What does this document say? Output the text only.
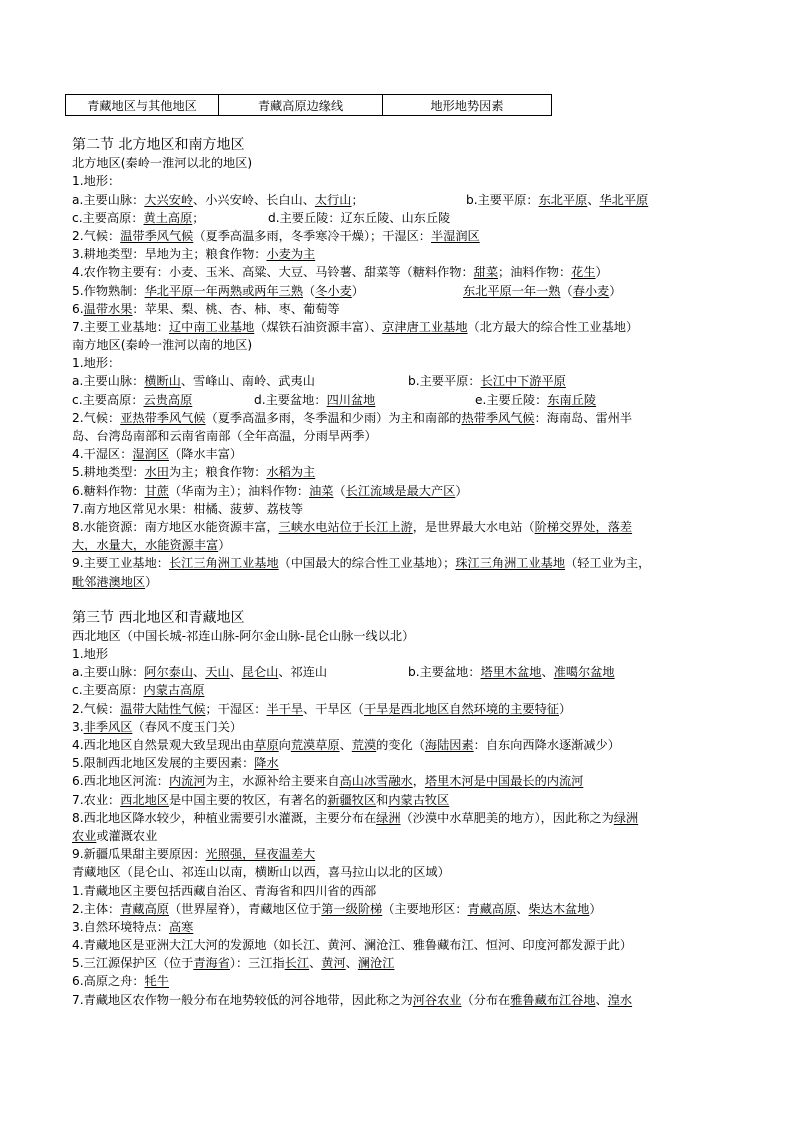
青藏地区与其他地区	青藏高原边缘线	地形地势因素
第二节 北方地区和南方地区
北方地区(秦岭一淮河以北的地区)
1.地形：
a.主要山脉：大兴安岭、小兴安岭、长白山、太行山；	b.主要平原：东北平原、华北平原
c.主要高原：黄土高原；	d.主要丘陵：辽东丘陵、山东丘陵
2.气候：温带季风气候（夏季高温多雨，冬季寒冷干燥）；干湿区：半湿润区
3.耕地类型：旱地为主；粮食作物：小麦为主
4.农作物主要有：小麦、玉米、高粱、大豆、马铃薯、甜菜等（糖料作物：甜菜；油料作物：花生）
5.作物熟制：华北平原一年两熟或两年三熟（冬小麦）	东北平原一年一熟（春小麦）
6.温带水果：苹果、梨、桃、杏、柿、枣、葡萄等
7.主要工业基地：辽中南工业基地（煤铁石油资源丰富）、京津唐工业基地（北方最大的综合性工业基地）
南方地区(秦岭一淮河以南的地区)
1.地形：
a.主要山脉：横断山、雪峰山、南岭、武夷山	b.主要平原：长江中下游平原
c.主要高原：云贵高原	d.主要盆地：四川盆地	e.主要丘陵：东南丘陵
2.气候：亚热带季风气候（夏季高温多雨，冬季温和少雨）为主和南部的热带季风气候：海南岛、雷州半
岛、台湾岛南部和云南省南部（全年高温，分雨旱两季）
4.干湿区：湿润区（降水丰富）
5.耕地类型：水田为主；粮食作物：水稻为主
6.糖料作物：甘蔗（华南为主）；油料作物：油菜（长江流域是最大产区）
7.南方地区常见水果：柑橘、菠萝、荔枝等
8.水能资源：南方地区水能资源丰富，三峡水电站位于长江上游，是世界最大水电站（阶梯交界处，落差
大，水量大，水能资源丰富）
9.主要工业基地：长江三角洲工业基地（中国最大的综合性工业基地）；珠江三角洲工业基地（轻工业为主，
毗邻港澳地区）
第三节 西北地区和青藏地区
西北地区（中国长城-祁连山脉-阿尔金山脉-昆仑山脉一线以北）
1.地形
a.主要山脉：阿尔泰山、天山、昆仑山、祁连山	b.主要盆地：塔里木盆地、准噶尔盆地
c.主要高原：内蒙古高原
2.气候：温带大陆性气候；干湿区：半干旱、干旱区（干旱是西北地区自然环境的主要特征）
3.非季风区（春风不度玉门关）
4.西北地区自然景观大致呈现出由草原向荒漠草原、荒漠的变化（海陆因素：自东向西降水逐渐减少）
5.限制西北地区发展的主要因素：降水
6.西北地区河流：内流河为主，水源补给主要来自高山冰雪融水，塔里木河是中国最长的内流河
7.农业：西北地区是中国主要的牧区，有著名的新疆牧区和内蒙古牧区
8.西北地区降水较少，种植业需要引水灌溉，主要分布在绿洲（沙漠中水草肥美的地方），因此称之为绿洲
农业或灌溉农业
9.新疆瓜果甜主要原因：光照强，昼夜温差大
青藏地区（昆仑山、祁连山以南，横断山以西，喜马拉山以北的区域）
1.青藏地区主要包括西藏自治区、青海省和四川省的西部
2.主体：青藏高原（世界屋脊），青藏地区位于第一级阶梯（主要地形区：青藏高原、柴达木盆地）
3.自然环境特点：高寒
4.青藏地区是亚洲大江大河的发源地（如长江、黄河、澜沧江、雅鲁藏布江、恒河、印度河都发源于此）
5.三江源保护区（位于青海省）：三江指长江、黄河、澜沧江
6.高原之舟：牦牛
7.青藏地区农作物一般分布在地势较低的河谷地带，因此称之为河谷农业（分布在雅鲁藏布江谷地、湟水
